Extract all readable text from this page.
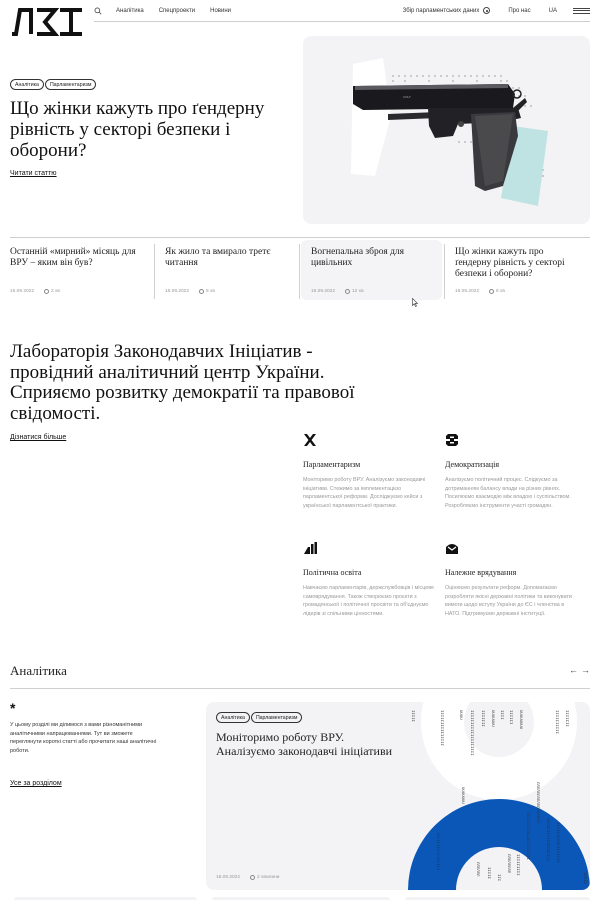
Аналітика	Спецпроекти	Новини	Збір парламентських даних	Про нас	UA
Аналітика	Парламентаризм
Що жінки кажуть про ґендерну рівність у секторі безпеки і оборони?
Читати статтю
COLT
Останній «мирний» місяць для ВРУ – яким він був?
16.09.2022	2 хв
Як жило та вмирало третє читання
16.09.2022	8 хв
Вогнепальна зброя для цивільних
16.09.2022	12 хв
Що жінки кажуть про ґендерну рівність у секторі безпеки і оборони?
16.09.2022	8 хв
Лабораторія Законодавчих Ініціатив - провідний аналітичний центр України. Сприяємо розвитку демократії та правової свідомості.
Дізнатися більше
Парламентаризм

Моніторимо роботу ВРУ. Аналізуємо законодавчі ініціативи. Стежимо за імплементацією парламентської реформи. Досліджуємо кейси з української парламентської практики.

Демократизація

Аналізуємо політичний процес. Слідкуємо за дотриманням балансу влади на різних рівнях. Посилюємо взаємодію між владою і суспільством. Розробляємо інструменти участі громадян.

Політична освіта

Навчаємо парламентарів, держслужбовців і місцеве самоврядування. Також створюємо проєкти з громадянської і політичної просвіти та об'єднуємо лідерів зі спільними цінностями.

Належне врядування

Оцінюємо результати реформ. Допомагаємо розробляти якісні державні політики та виконувати вимоги щодо вступу України до ЄС і членства в НАТО. Підтримуємо державні інституції.

Аналітика	←→
*

У цьому розділі ми ділимося з вами різноманітними аналітичними напрацюваннями. Тут ви зможете переглянути короткі статті або прочитати наші аналітичні роботи.

Усе за розділом
Аналітика	Парламентаризм
Моніторимо роботу ВРУ. Аналізуємо законодавчі ініціативи
16.09.2022	2 хвилини
IIIII	IIIIIIIIIIIIIII	UUUU IIIIIIIIIIIIIIIIIII IIIIIII UUUUUUU IIII IIIIII UUUUUUUU	IIIIIIIIII IIIIIII
UUUUUUU	ЛЛЛЛЛЛЛЛЛЛЛЛЛЛЛЛЛ
IIIIIIIIIIIIIIIIIIII	IIIIIIIIIIIIIIIIII IIIIIIIIIIIIIIIII
IIIIIIIIIIIIIIII	ЛЛЛЛЛЛ IIIII III
ЛЛЛЛЛЛЛЛ IIIIIIIII
IIIII
